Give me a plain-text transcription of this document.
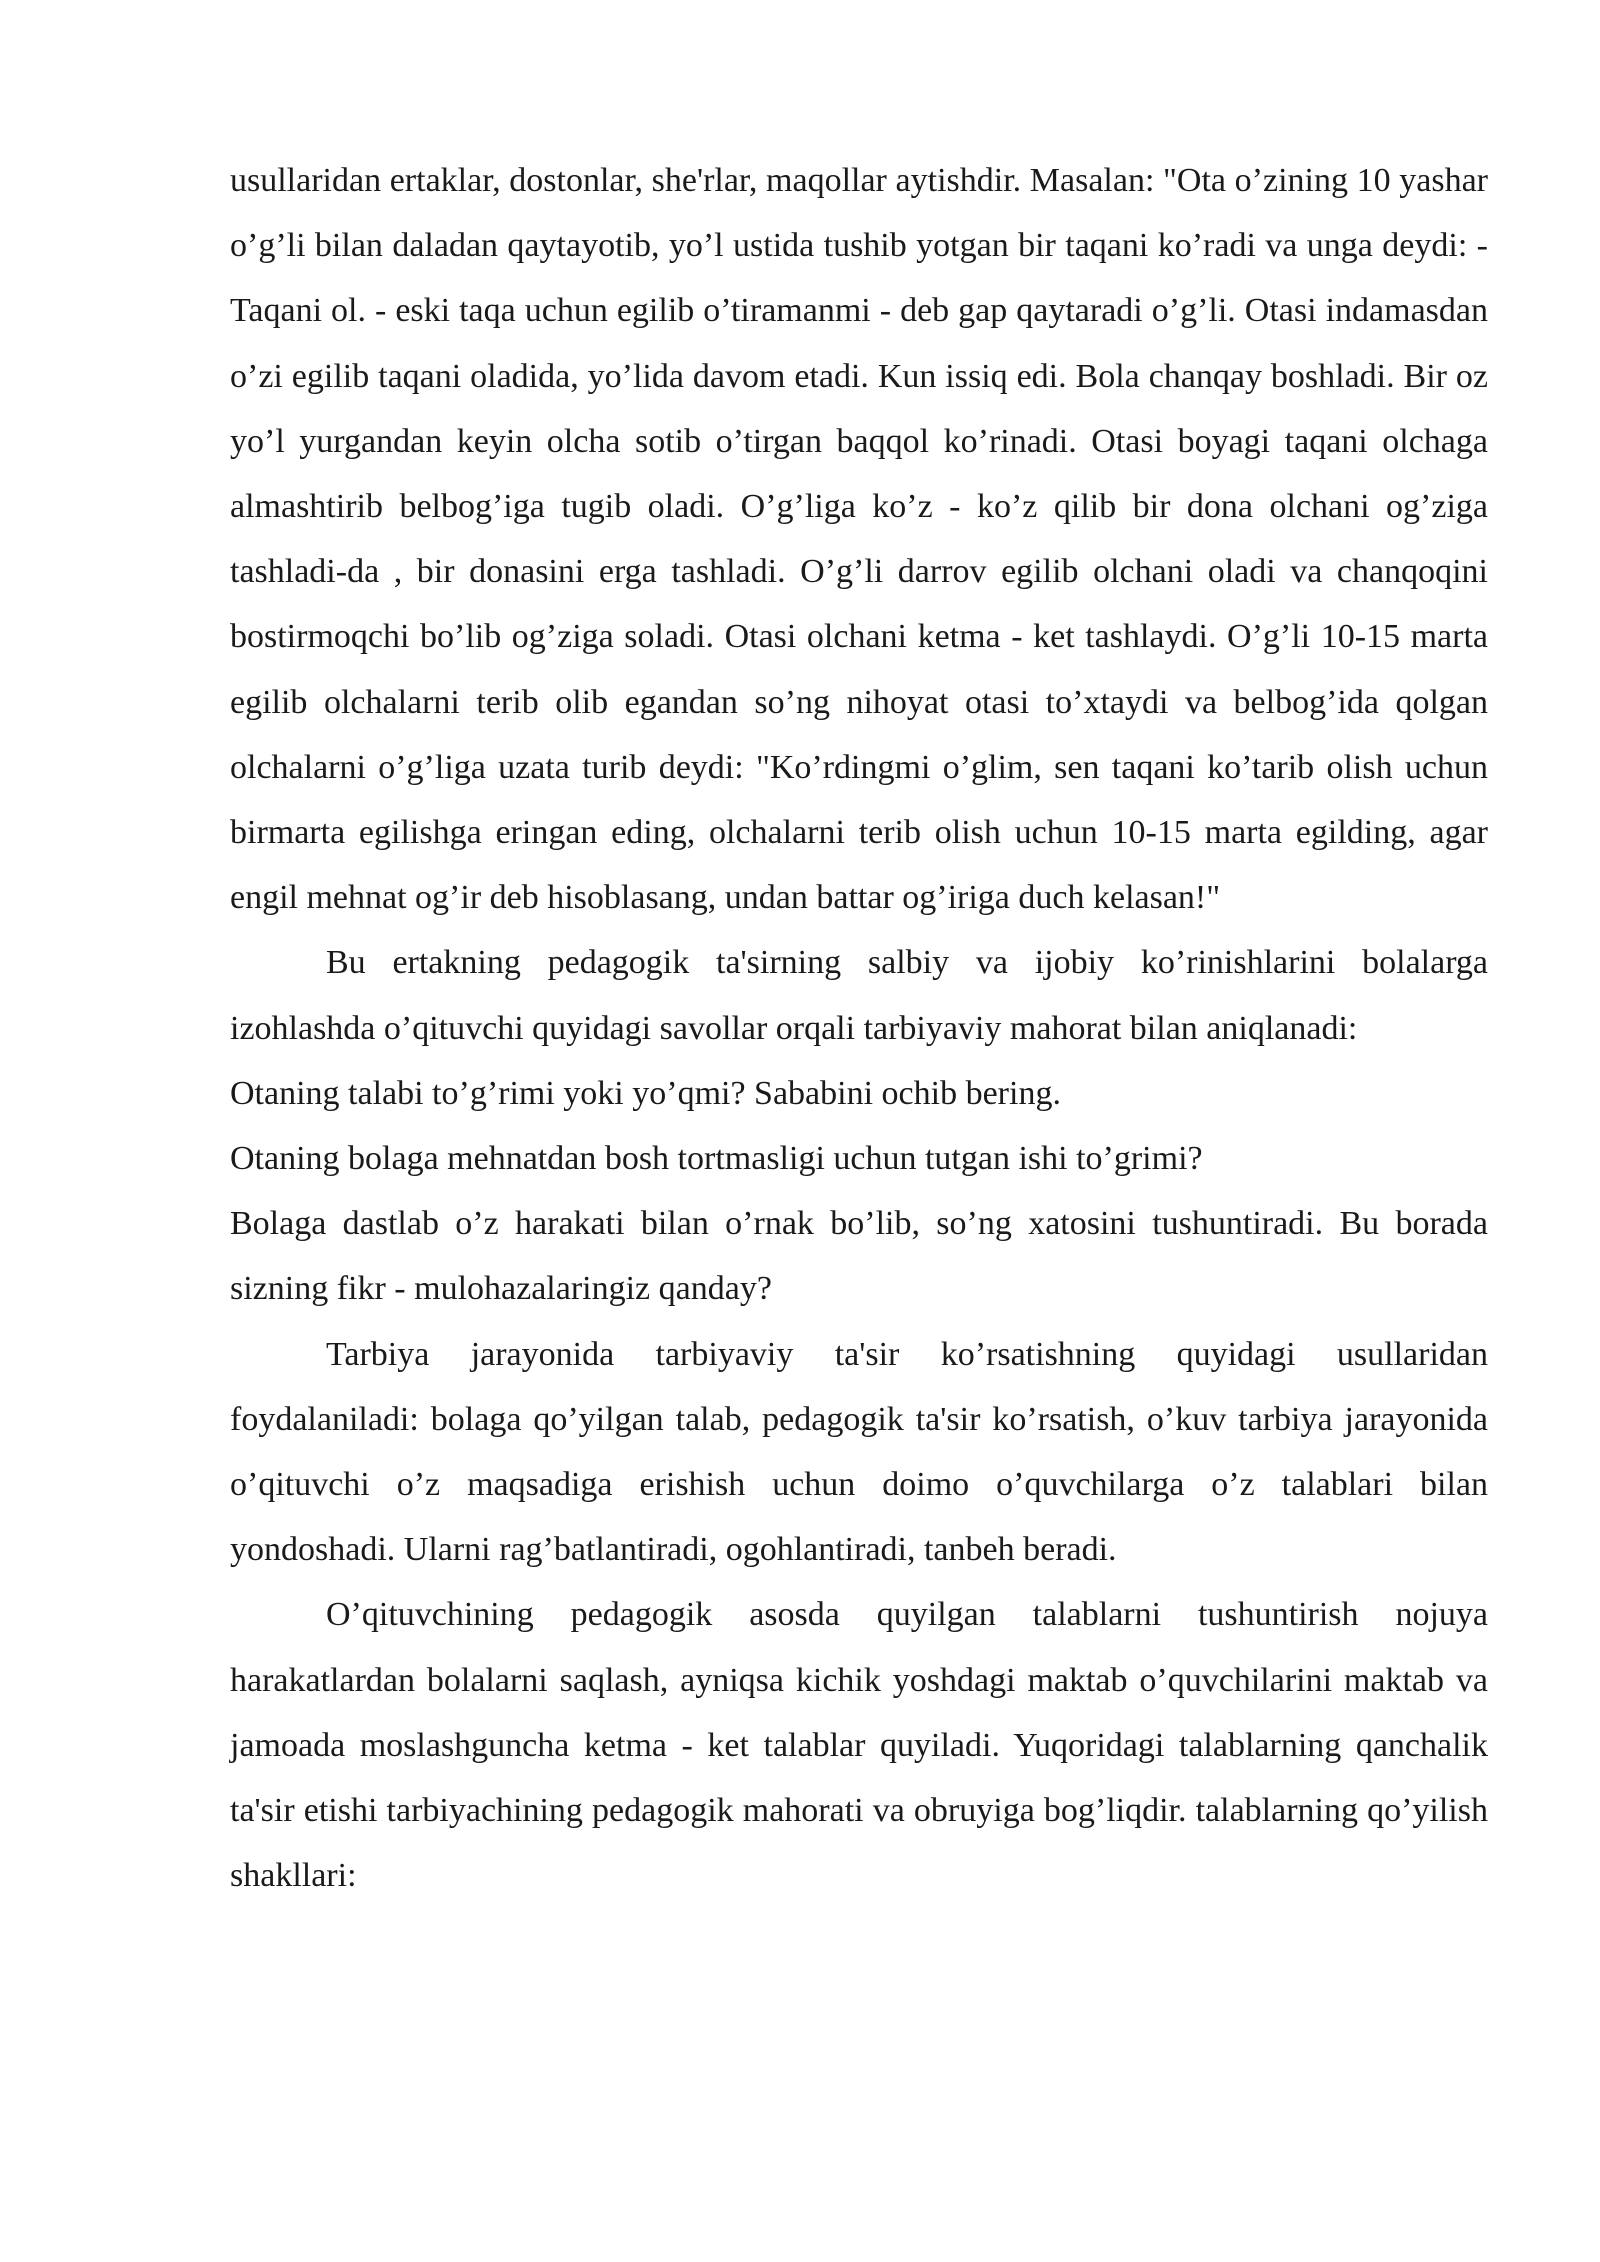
usullaridan ertaklar, dostonlar, she'rlar, maqollar aytishdir. Masalan: "Ota o’zining 10 yashar o’g’li bilan daladan qaytayotib, yo’l ustida tushib yotgan bir taqani ko’radi va unga deydi: - Taqani ol. - eski taqa uchun egilib o’tiramanmi - deb gap qaytaradi o’g’li. Otasi indamasdan o’zi egilib taqani oladida, yo’lida davom etadi. Kun issiq edi. Bola chanqay boshladi. Bir oz yo’l yurgandan keyin olcha sotib o’tirgan baqqol ko’rinadi. Otasi boyagi taqani olchaga almashtirib belbog’iga tugib oladi. O’g’liga ko’z - ko’z qilib bir dona olchani og’ziga tashladi-da , bir donasini erga tashladi. O’g’li darrov egilib olchani oladi va chanqoqini bostirmoqchi bo’lib og’ziga soladi. Otasi olchani ketma - ket tashlaydi. O’g’li 10-15 marta egilib olchalarni terib olib egandan so’ng nihoyat otasi to’xtaydi va belbog’ida qolgan olchalarni o’g’liga uzata turib deydi: "Ko’rdingmi o’glim, sen taqani ko’tarib olish uchun birmarta egilishga eringan eding, olchalarni terib olish uchun 10-15 marta egilding, agar engil mehnat og’ir deb hisoblasang, undan battar og’iriga duch kelasan!"

Bu ertakning pedagogik ta'sirning salbiy va ijobiy ko’rinishlarini bolalarga izohlashda o’qituvchi quyidagi savollar orqali tarbiyaviy mahorat bilan aniqlanadi:

Otaning talabi to’g’rimi yoki yo’qmi? Sababini ochib bering.

Otaning bolaga mehnatdan bosh tortmasligi uchun tutgan ishi to’grimi?

Bolaga dastlab o’z harakati bilan o’rnak bo’lib, so’ng xatosini tushuntiradi. Bu borada sizning fikr - mulohazalaringiz qanday?

Tarbiya jarayonida tarbiyaviy ta'sir ko’rsatishning quyidagi usullaridan foydalaniladi: bolaga qo’yilgan talab, pedagogik ta'sir ko’rsatish, o’kuv tarbiya jarayonida o’qituvchi o’z maqsadiga erishish uchun doimo o’quvchilarga o’z talablari bilan yondoshadi. Ularni rag’batlantiradi, ogohlantiradi, tanbeh beradi.

O’qituvchining pedagogik asosda quyilgan talablarni tushuntirish nojuya harakatlardan bolalarni saqlash, ayniqsa kichik yoshdagi maktab o’quvchilarini maktab va jamoada moslashguncha ketma - ket talablar quyiladi. Yuqoridagi talablarning qanchalik ta'sir etishi tarbiyachining pedagogik mahorati va obruyiga bog’liqdir. talablarning qo’yilish shakllari:
